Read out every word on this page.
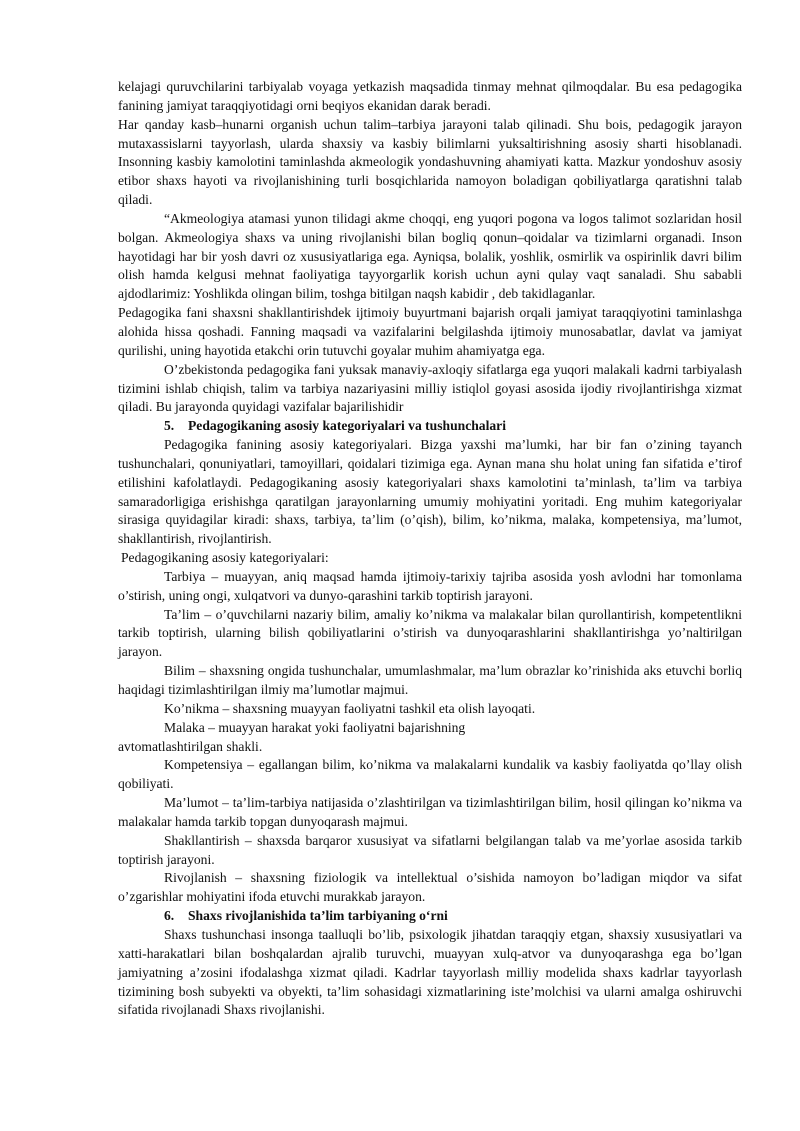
kelajagi quruvchilarini tarbiyalab voyaga yetkazish maqsadida tinmay mehnat qilmoqdalar. Bu esa pedagogika fanining jamiyat taraqqiyotidagi orni beqiyos ekanidan darak beradi.

Har qanday kasb–hunarni organish uchun talim–tarbiya jarayoni talab qilinadi. Shu bois, pedagogik jarayon mutaxassislarni tayyorlash, ularda shaxsiy va kasbiy bilimlarni yuksaltirishning asosiy sharti hisoblanadi. Insonning kasbiy kamolotini taminlashda akmeologik yondashuvning ahamiyati katta. Mazkur yondoshuv asosiy etibor shaxs hayoti va rivojlanishining turli bosqichlarida namoyon boladigan qobiliyatlarga qaratishni talab qiladi.

“Akmeologiya atamasi yunon tilidagi akme choqqi, eng yuqori pogona va logos talimot sozlaridan hosil bolgan. Akmeologiya shaxs va uning rivojlanishi bilan bogliq qonun–qoidalar va tizimlarni organadi. Inson hayotidagi har bir yosh davri oz xususiyatlariga ega. Ayniqsa, bolalik, yoshlik, osmirlik va ospirinlik davri bilim olish hamda kelgusi mehnat faoliyatiga tayyorgarlik korish uchun ayni qulay vaqt sanaladi. Shu sababli ajdodlarimiz: Yoshlikda olingan bilim, toshga bitilgan naqsh kabidir , deb takidlaganlar.

Pedagogika fani shaxsni shakllantirishdek ijtimoiy buyurtmani bajarish orqali jamiyat taraqqiyotini taminlashga alohida hissa qoshadi. Fanning maqsadi va vazifalarini belgilashda ijtimoiy munosabatlar, davlat va jamiyat qurilishi, uning hayotida etakchi orin tutuvchi goyalar muhim ahamiyatga ega.

O’zbekistonda pedagogika fani yuksak manaviy-axloqiy sifatlarga ega yuqori malakali kadrni tarbiyalash tizimini ishlab chiqish, talim va tarbiya nazariyasini milliy istiqlol goyasi asosida ijodiy rivojlantirishga xizmat qiladi. Bu jarayonda quyidagi vazifalar bajarilishidir

5. Pedagogikaning asosiy kategoriyalari va tushunchalari

Pedagogika fanining asosiy kategoriyalari. Bizga yaxshi ma’lumki, har bir fan o’zining tayanch tushunchalari, qonuniyatlari, tamoyillari, qoidalari tizimiga ega. Aynan mana shu holat uning fan sifatida e’tirof etilishini kafolatlaydi. Pedagogikaning asosiy kategoriyalari shaxs kamolotini ta’minlash, ta’lim va tarbiya samaradorligiga erishishga qaratilgan jarayonlarning umumiy mohiyatini yoritadi. Eng muhim kategoriyalar sirasiga quyidagilar kiradi: shaxs, tarbiya, ta’lim (o’qish), bilim, ko’nikma, malaka, kompetensiya, ma’lumot, shakllantirish, rivojlantirish.

Pedagogikaning asosiy kategoriyalari:

Tarbiya – muayyan, aniq maqsad hamda ijtimoiy-tarixiy tajriba asosida yosh avlodni har tomonlama o’stirish, uning ongi, xulqatvori va dunyo-qarashini tarkib toptirish jarayoni.

Ta’lim – o’quvchilarni nazariy bilim, amaliy ko’nikma va malakalar bilan qurollantirish, kompetentlikni tarkib toptirish, ularning bilish qobiliyatlarini o’stirish va dunyoqarashlarini shakllantirishga yo’naltirilgan jarayon.

Bilim – shaxsning ongida tushunchalar, umumlashmalar, ma’lum obrazlar ko’rinishida aks etuvchi borliq haqidagi tizimlashtirilgan ilmiy ma’lumotlar majmui.

Ko’nikma – shaxsning muayyan faoliyatni tashkil eta olish layoqati.

Malaka – muayyan harakat yoki faoliyatni bajarishning

avtomatlashtirilgan shakli.

Kompetensiya – egallangan bilim, ko’nikma va malakalarni kundalik va kasbiy faoliyatda qo’llay olish qobiliyati.

Ma’lumot – ta’lim-tarbiya natijasida o’zlashtirilgan va tizimlashtirilgan bilim, hosil qilingan ko’nikma va malakalar hamda tarkib topgan dunyoqarash majmui.

Shakllantirish – shaxsda barqaror xususiyat va sifatlarni belgilangan talab va me’yorlae asosida tarkib toptirish jarayoni.

Rivojlanish – shaxsning fiziologik va intellektual o’sishida namoyon bo’ladigan miqdor va sifat o’zgarishlar mohiyatini ifoda etuvchi murakkab jarayon.

6. Shaxs rivojlanishida ta’lim tarbiyaning o‘rni

Shaxs tushunchasi insonga taalluqli bo’lib, psixologik jihatdan taraqqiy etgan, shaxsiy xususiyatlari va xatti-harakatlari bilan boshqalardan ajralib turuvchi, muayyan xulq-atvor va dunyoqarashga ega bo’lgan jamiyatning a’zosini ifodalashga xizmat qiladi. Kadrlar tayyorlash milliy modelida shaxs kadrlar tayyorlash tizimining bosh subyekti va obyekti, ta’lim sohasidagi xizmatlarining iste’molchisi va ularni amalga oshiruvchi sifatida rivojlanadi Shaxs rivojlanishi.
